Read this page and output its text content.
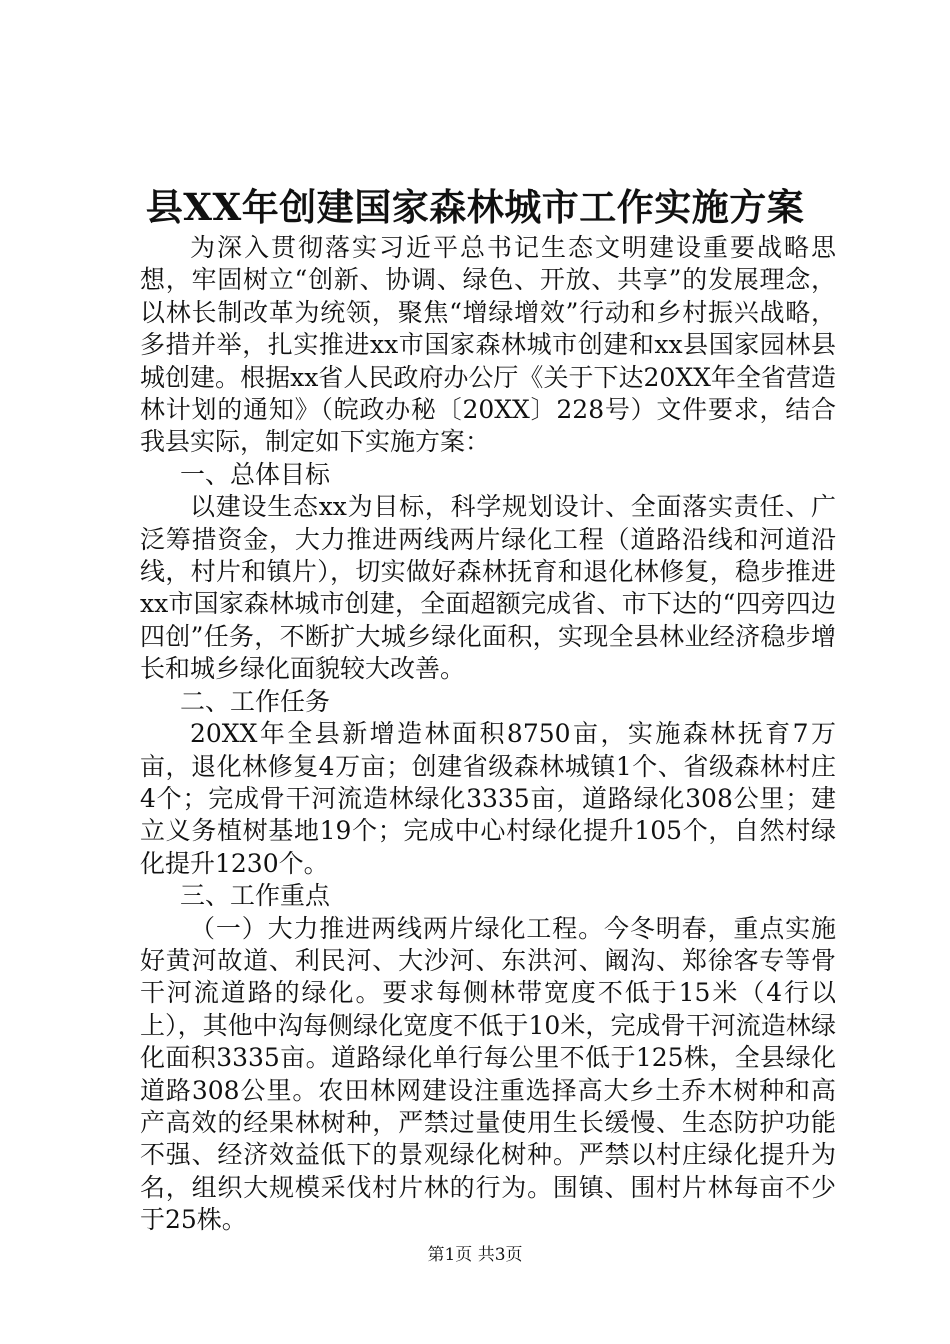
县XX年创建国家森林城市工作实施方案

为深入贯彻落实习近平总书记生态文明建设重要战略思想，牢固树立“创新、协调、绿色、开放、共享”的发展理念，以林长制改革为统领，聚焦“增绿增效”行动和乡村振兴战略，多措并举，扎实推进xx市国家森林城市创建和xx县国家园林县城创建。根据xx省人民政府办公厅《关于下达20XX年全省营造林计划的通知》（皖政办秘〔20XX〕228号）文件要求，结合我县实际，制定如下实施方案：

一、总体目标

以建设生态xx为目标，科学规划设计、全面落实责任、广泛筹措资金，大力推进两线两片绿化工程（道路沿线和河道沿线，村片和镇片），切实做好森林抚育和退化林修复，稳步推进xx市国家森林城市创建，全面超额完成省、市下达的“四旁四边四创”任务，不断扩大城乡绿化面积，实现全县林业经济稳步增长和城乡绿化面貌较大改善。

二、工作任务

20XX年全县新增造林面积8750亩，实施森林抚育7万亩，退化林修复4万亩；创建省级森林城镇1个、省级森林村庄4个；完成骨干河流造林绿化3335亩，道路绿化308公里；建立义务植树基地19个；完成中心村绿化提升105个，自然村绿化提升1230个。

三、工作重点

（一）大力推进两线两片绿化工程。今冬明春，重点实施好黄河故道、利民河、大沙河、东洪河、阚沟、郑徐客专等骨干河流道路的绿化。要求每侧林带宽度不低于15米（4行以上），其他中沟每侧绿化宽度不低于10米，完成骨干河流造林绿化面积3335亩。道路绿化单行每公里不低于125株，全县绿化道路308公里。农田林网建设注重选择高大乡土乔木树种和高产高效的经果林树种，严禁过量使用生长缓慢、生态防护功能不强、经济效益低下的景观绿化树种。严禁以村庄绿化提升为名，组织大规模采伐村片林的行为。围镇、围村片林每亩不少于25株。

第1页 共3页
